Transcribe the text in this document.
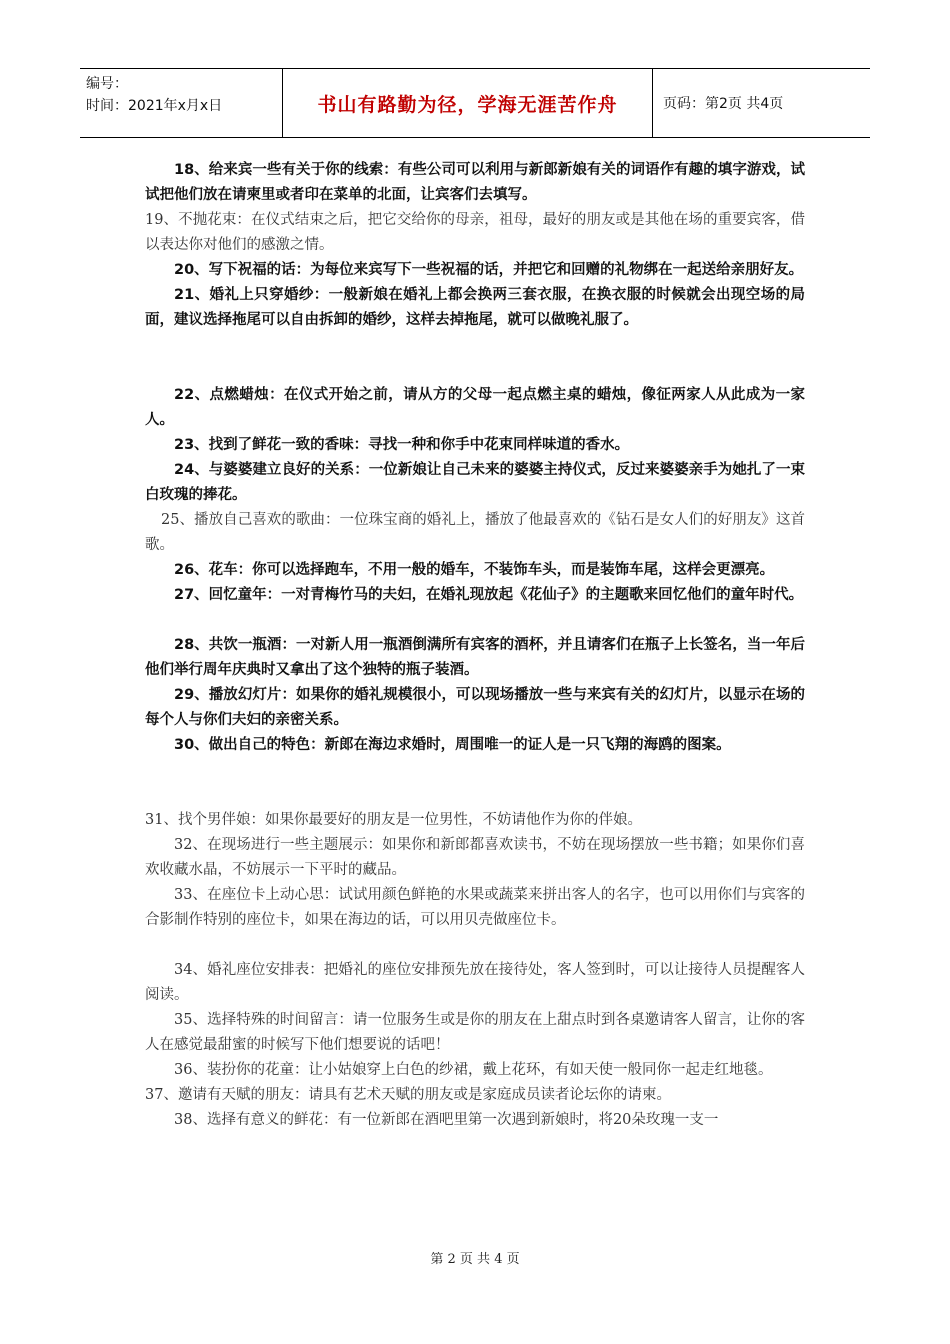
编号：
时间：2021年x月x日	书山有路勤为径，学海无涯苦作舟	页码：第2页 共4页

18、给来宾一些有关于你的线索：有些公司可以利用与新郎新娘有关的词语作有趣的填字游戏，试试把他们放在请柬里或者印在菜单的北面，让宾客们去填写。

19、不抛花束：在仪式结束之后，把它交给你的母亲，祖母，最好的朋友或是其他在场的重要宾客，借以表达你对他们的感激之情。

20、写下祝福的话：为每位来宾写下一些祝福的话，并把它和回赠的礼物绑在一起送给亲朋好友。

21、婚礼上只穿婚纱：一般新娘在婚礼上都会换两三套衣服，在换衣服的时候就会出现空场的局面，建议选择拖尾可以自由拆卸的婚纱，这样去掉拖尾，就可以做晚礼服了。

22、点燃蜡烛：在仪式开始之前，请从方的父母一起点燃主桌的蜡烛，像征两家人从此成为一家人。

23、找到了鲜花一致的香味：寻找一种和你手中花束同样味道的香水。

24、与婆婆建立良好的关系：一位新娘让自己未来的婆婆主持仪式，反过来婆婆亲手为她扎了一束白玫瑰的捧花。

25、播放自己喜欢的歌曲：一位珠宝商的婚礼上，播放了他最喜欢的《钻石是女人们的好朋友》这首歌。

26、花车：你可以选择跑车，不用一般的婚车，不装饰车头，而是装饰车尾，这样会更漂亮。

27、回忆童年：一对青梅竹马的夫妇，在婚礼现放起《花仙子》的主题歌来回忆他们的童年时代。

28、共饮一瓶酒：一对新人用一瓶酒倒满所有宾客的酒杯，并且请客们在瓶子上长签名，当一年后他们举行周年庆典时又拿出了这个独特的瓶子装酒。

29、播放幻灯片：如果你的婚礼规模很小，可以现场播放一些与来宾有关的幻灯片，以显示在场的每个人与你们夫妇的亲密关系。

30、做出自己的特色：新郎在海边求婚时，周围唯一的证人是一只飞翔的海鸥的图案。

31、找个男伴娘：如果你最要好的朋友是一位男性，不妨请他作为你的伴娘。

32、在现场进行一些主题展示：如果你和新郎都喜欢读书，不妨在现场摆放一些书籍；如果你们喜欢收藏水晶，不妨展示一下平时的藏品。

33、在座位卡上动心思：试试用颜色鲜艳的水果或蔬菜来拼出客人的名字，也可以用你们与宾客的合影制作特别的座位卡，如果在海边的话，可以用贝壳做座位卡。

34、婚礼座位安排表：把婚礼的座位安排预先放在接待处，客人签到时，可以让接待人员提醒客人阅读。

35、选择特殊的时间留言：请一位服务生或是你的朋友在上甜点时到各桌邀请客人留言，让你的客人在感觉最甜蜜的时候写下他们想要说的话吧！

36、装扮你的花童：让小姑娘穿上白色的纱裙，戴上花环，有如天使一般同你一起走红地毯。

37、邀请有天赋的朋友：请具有艺术天赋的朋友或是家庭成员读者论坛你的请柬。

38、选择有意义的鲜花：有一位新郎在酒吧里第一次遇到新娘时，将20朵玫瑰一支一

第 2 页 共 4 页
